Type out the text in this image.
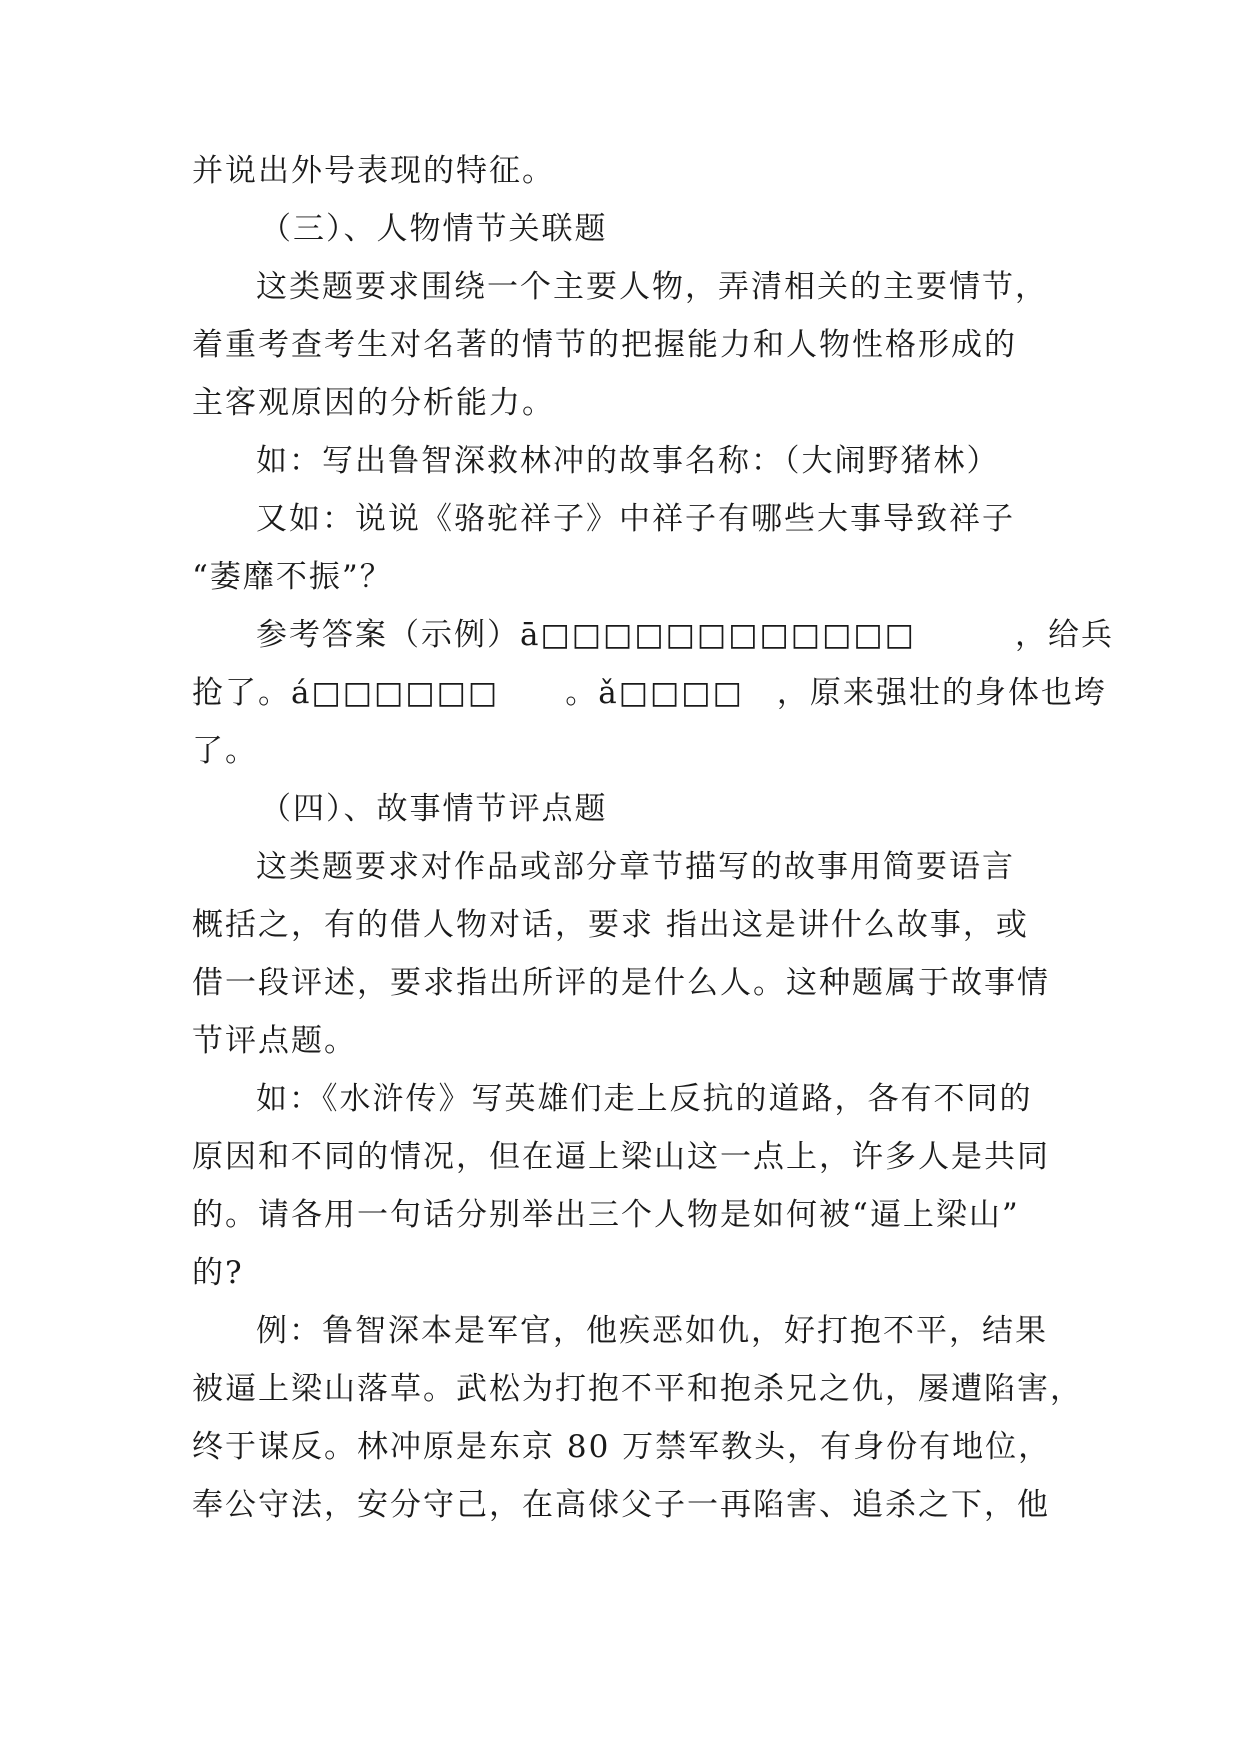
并说出外号表现的特征。
（三）、人物情节关联题
这类题要求围绕一个主要人物，弄清相关的主要情节，
着重考查考生对名著的情节的把握能力和人物性格形成的
主客观原因的分析能力。
如：写出鲁智深救林冲的故事名称：（大闹野猪林）
又如：说说《骆驼祥子》中祥子有哪些大事导致祥子
“萎靡不振”？
参考答案（示例）ā□□□□□□□□□□□□　　　，给兵
抢了。á□□□□□□　　。ǎ□□□□　，原来强壮的身体也垮
了。
（四）、故事情节评点题
这类题要求对作品或部分章节描写的故事用简要语言
概括之，有的借人物对话，要求 指出这是讲什么故事，或
借一段评述，要求指出所评的是什么人。这种题属于故事情
节评点题。
如：《水浒传》写英雄们走上反抗的道路，各有不同的
原因和不同的情况，但在逼上梁山这一点上，许多人是共同
的。请各用一句话分别举出三个人物是如何被“逼上梁山”
的?
例：鲁智深本是军官，他疾恶如仇，好打抱不平，结果
被逼上梁山落草。武松为打抱不平和抱杀兄之仇，屡遭陷害，
终于谋反。林冲原是东京 80 万禁军教头，有身份有地位，
奉公守法，安分守己，在高俅父子一再陷害、追杀之下，他
